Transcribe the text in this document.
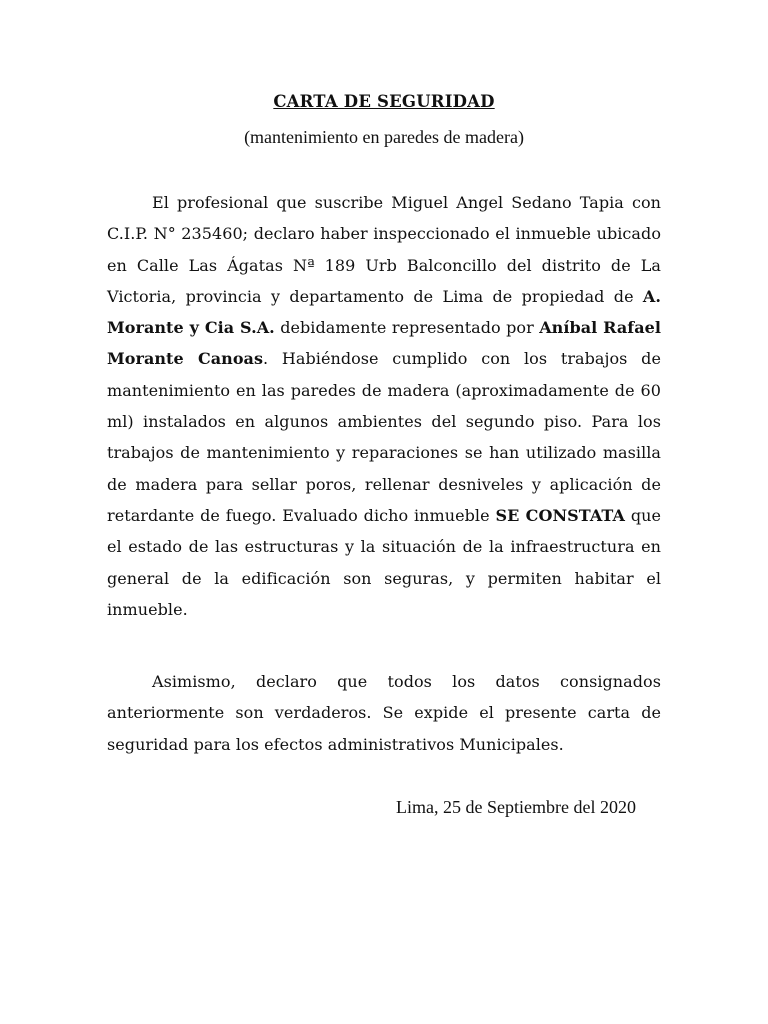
CARTA DE SEGURIDAD
(mantenimiento en paredes de madera)

El profesional que suscribe Miguel Angel Sedano Tapia con C.I.P. N° 235460; declaro haber inspeccionado el inmueble ubicado en Calle Las Ágatas Nª 189 Urb Balconcillo del distrito de La Victoria, provincia y departamento de Lima de propiedad de A. Morante y Cia S.A. debidamente representado por Aníbal Rafael Morante Canoas. Habiéndose cumplido con los trabajos de mantenimiento en las paredes de madera (aproximadamente de 60 ml) instalados en algunos ambientes del segundo piso. Para los trabajos de mantenimiento y reparaciones se han utilizado masilla de madera para sellar poros, rellenar desniveles y aplicación de retardante de fuego. Evaluado dicho inmueble SE CONSTATA que el estado de las estructuras y la situación de la infraestructura en general de la edificación son seguras, y permiten habitar el inmueble.

Asimismo, declaro que todos los datos consignados anteriormente son verdaderos. Se expide el presente carta de seguridad para los efectos administrativos Municipales.

Lima, 25 de Septiembre del 2020
